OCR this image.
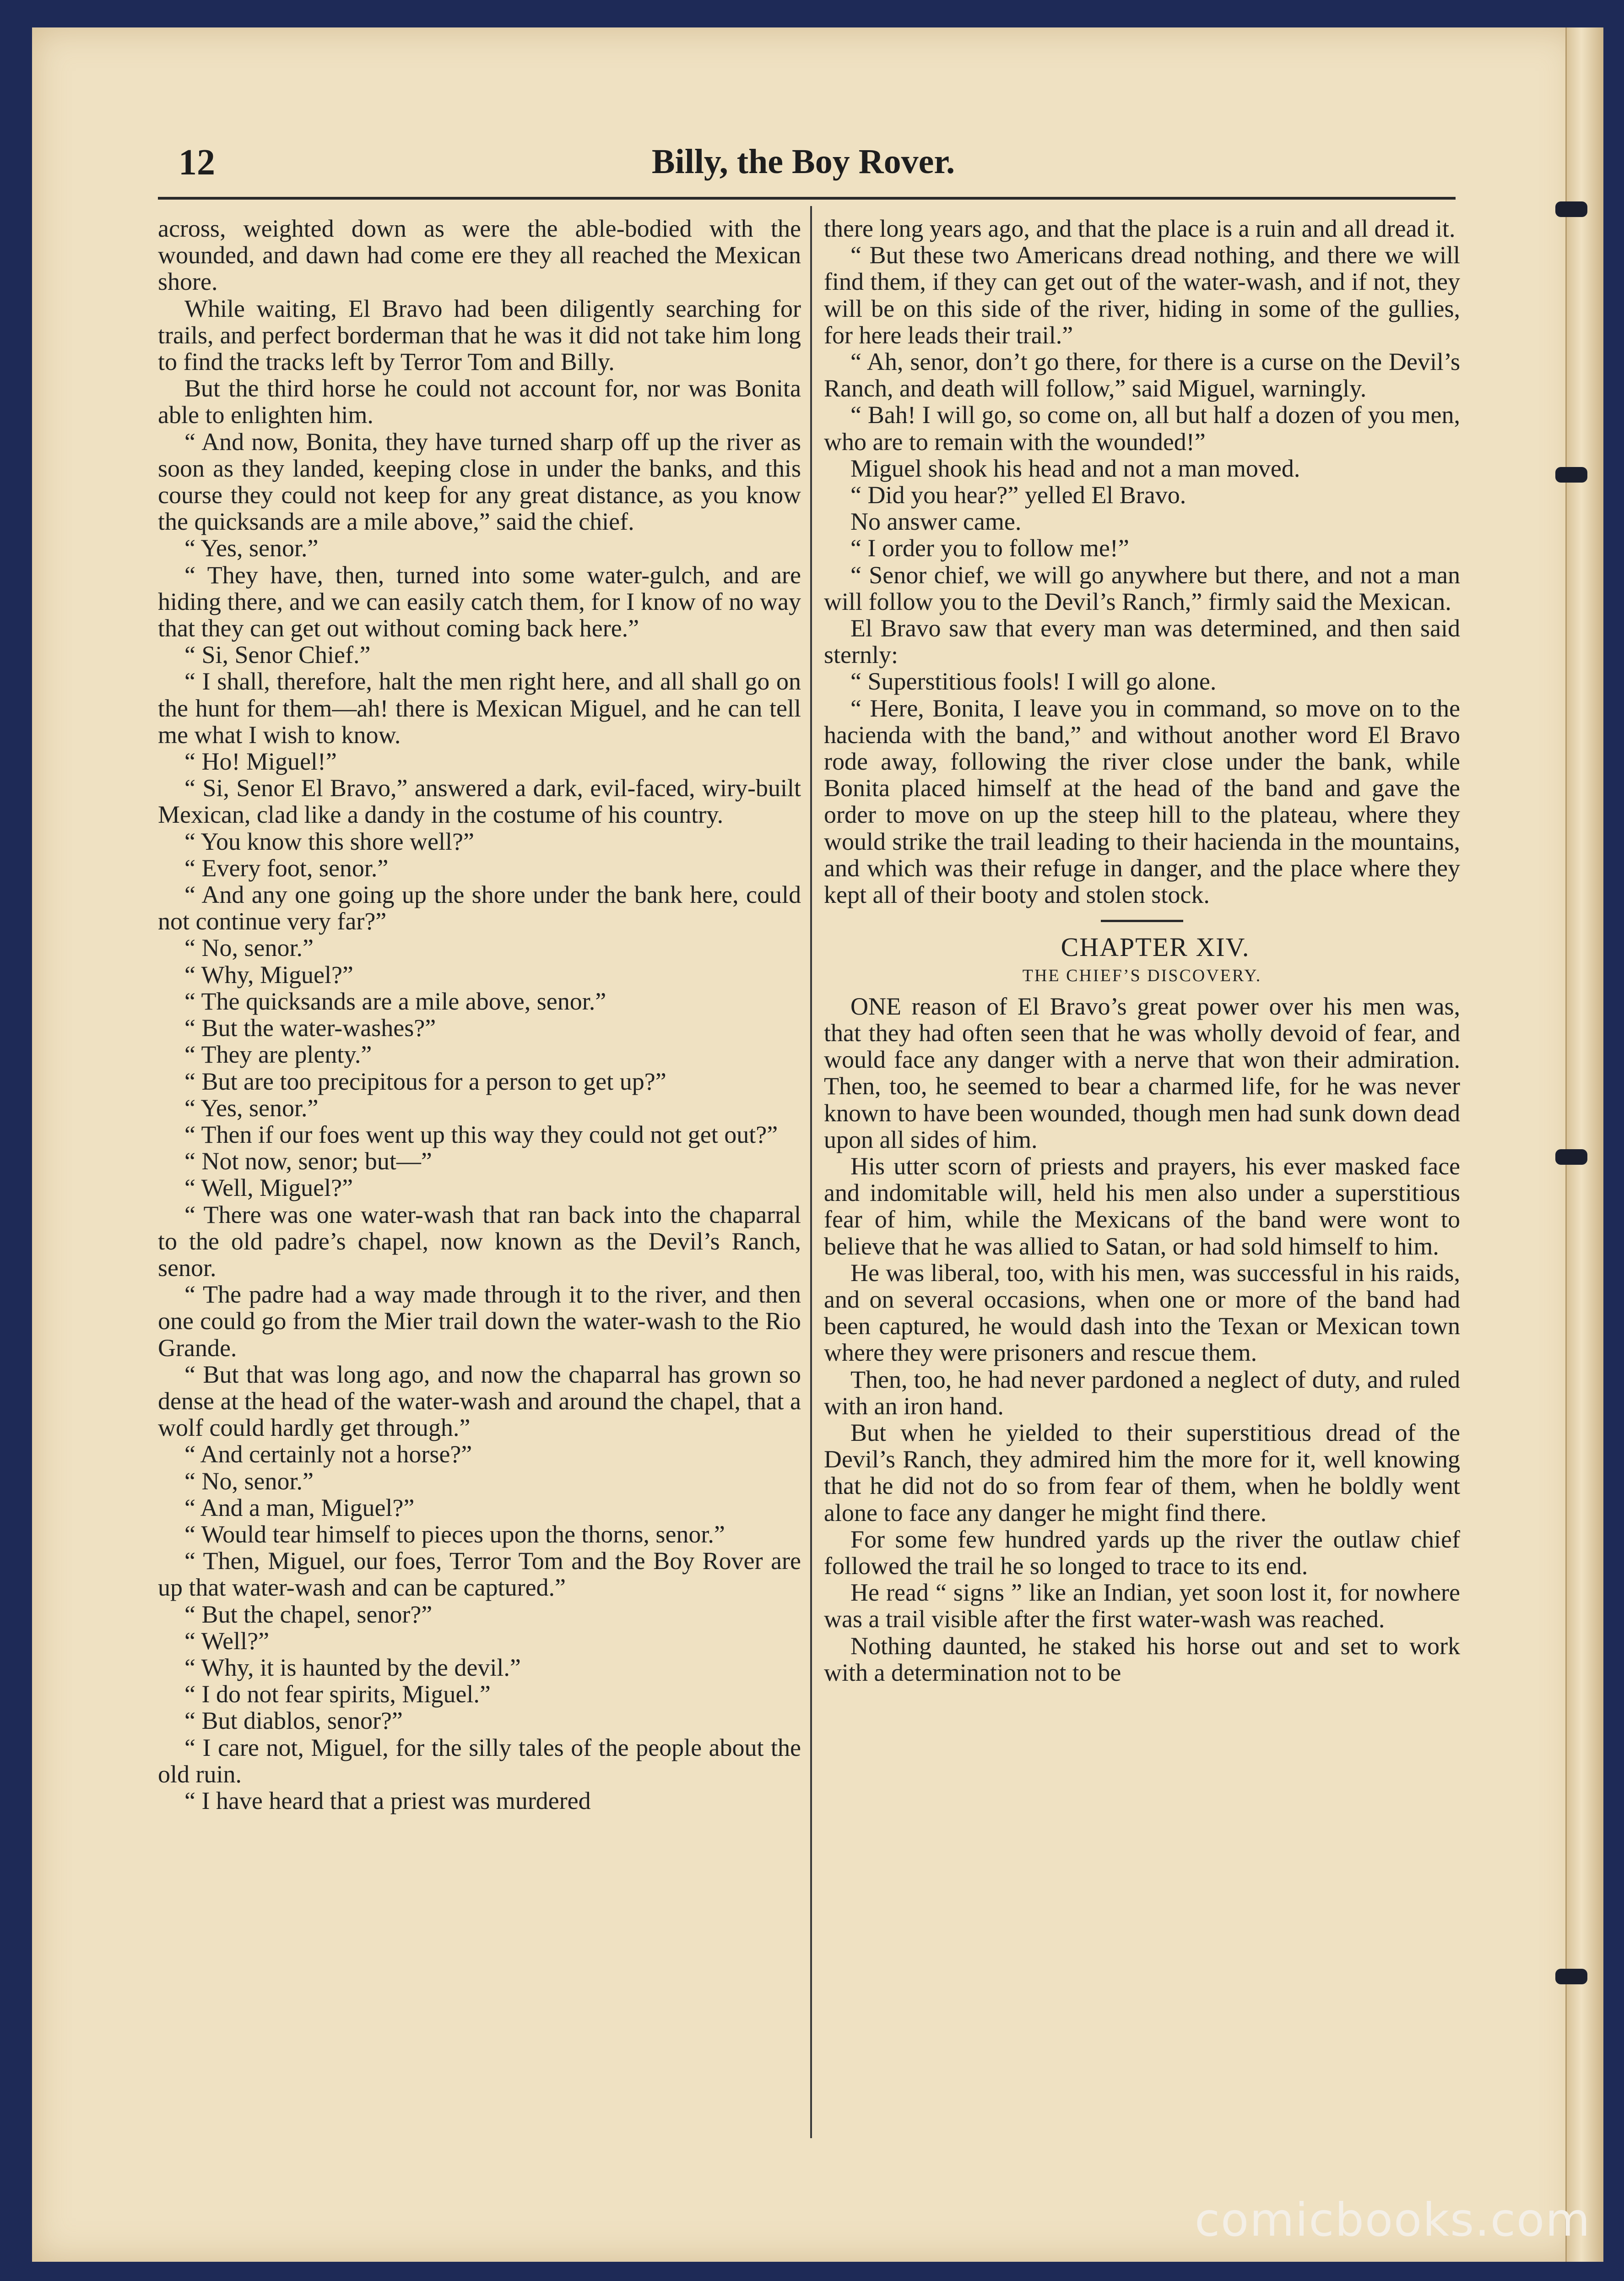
12	Billy, the Boy Rover.

across, weighted down as were the able-bodied with the wounded, and dawn had come ere they all reached the Mexican shore.

While waiting, El Bravo had been diligently searching for trails, and perfect borderman that he was it did not take him long to find the tracks left by Terror Tom and Billy.

But the third horse he could not account for, nor was Bonita able to enlighten him.

“ And now, Bonita, they have turned sharp off up the river as soon as they landed, keeping close in under the banks, and this course they could not keep for any great distance, as you know the quicksands are a mile above,” said the chief.

“ Yes, senor.”

“ They have, then, turned into some water-gulch, and are hiding there, and we can easily catch them, for I know of no way that they can get out without coming back here.”

“ Si, Senor Chief.”

“ I shall, therefore, halt the men right here, and all shall go on the hunt for them—ah! there is Mexican Miguel, and he can tell me what I wish to know.

“ Ho! Miguel!”

“ Si, Senor El Bravo,” answered a dark, evil-faced, wiry-built Mexican, clad like a dandy in the costume of his country.

“ You know this shore well?”

“ Every foot, senor.”

“ And any one going up the shore under the bank here, could not continue very far?”

“ No, senor.”

“ Why, Miguel?”

“ The quicksands are a mile above, senor.”

“ But the water-washes?”

“ They are plenty.”

“ But are too precipitous for a person to get up?”

“ Yes, senor.”

“ Then if our foes went up this way they could not get out?”

“ Not now, senor; but—”

“ Well, Miguel?”

“ There was one water-wash that ran back into the chaparral to the old padre’s chapel, now known as the Devil’s Ranch, senor.

“ The padre had a way made through it to the river, and then one could go from the Mier trail down the water-wash to the Rio Grande.

“ But that was long ago, and now the chaparral has grown so dense at the head of the water-wash and around the chapel, that a wolf could hardly get through.”

“ And certainly not a horse?”

“ No, senor.”

“ And a man, Miguel?”

“ Would tear himself to pieces upon the thorns, senor.”

“ Then, Miguel, our foes, Terror Tom and the Boy Rover are up that water-wash and can be captured.”

“ But the chapel, senor?”

“ Well?”

“ Why, it is haunted by the devil.”

“ I do not fear spirits, Miguel.”

“ But diablos, senor?”

“ I care not, Miguel, for the silly tales of the people about the old ruin.

“ I have heard that a priest was murdered

there long years ago, and that the place is a ruin and all dread it.

“ But these two Americans dread nothing, and there we will find them, if they can get out of the water-wash, and if not, they will be on this side of the river, hiding in some of the gullies, for here leads their trail.”

“ Ah, senor, don’t go there, for there is a curse on the Devil’s Ranch, and death will follow,” said Miguel, warningly.

“ Bah! I will go, so come on, all but half a dozen of you men, who are to remain with the wounded!”

Miguel shook his head and not a man moved.

“ Did you hear?” yelled El Bravo.

No answer came.

“ I order you to follow me!”

“ Senor chief, we will go anywhere but there, and not a man will follow you to the Devil’s Ranch,” firmly said the Mexican.

El Bravo saw that every man was determined, and then said sternly:

“ Superstitious fools! I will go alone.

“ Here, Bonita, I leave you in command, so move on to the hacienda with the band,” and without another word El Bravo rode away, following the river close under the bank, while Bonita placed himself at the head of the band and gave the order to move on up the steep hill to the plateau, where they would strike the trail leading to their hacienda in the mountains, and which was their refuge in danger, and the place where they kept all of their booty and stolen stock.

CHAPTER XIV.

THE CHIEF’S DISCOVERY.

ONE reason of El Bravo’s great power over his men was, that they had often seen that he was wholly devoid of fear, and would face any danger with a nerve that won their admiration. Then, too, he seemed to bear a charmed life, for he was never known to have been wounded, though men had sunk down dead upon all sides of him.

His utter scorn of priests and prayers, his ever masked face and indomitable will, held his men also under a superstitious fear of him, while the Mexicans of the band were wont to believe that he was allied to Satan, or had sold himself to him.

He was liberal, too, with his men, was successful in his raids, and on several occasions, when one or more of the band had been captured, he would dash into the Texan or Mexican town where they were prisoners and rescue them.

Then, too, he had never pardoned a neglect of duty, and ruled with an iron hand.

But when he yielded to their superstitious dread of the Devil’s Ranch, they admired him the more for it, well knowing that he did not do so from fear of them, when he boldly went alone to face any danger he might find there.

For some few hundred yards up the river the outlaw chief followed the trail he so longed to trace to its end.

He read “ signs ” like an Indian, yet soon lost it, for nowhere was a trail visible after the first water-wash was reached.

Nothing daunted, he staked his horse out and set to work with a determination not to be

comicbooks.com
